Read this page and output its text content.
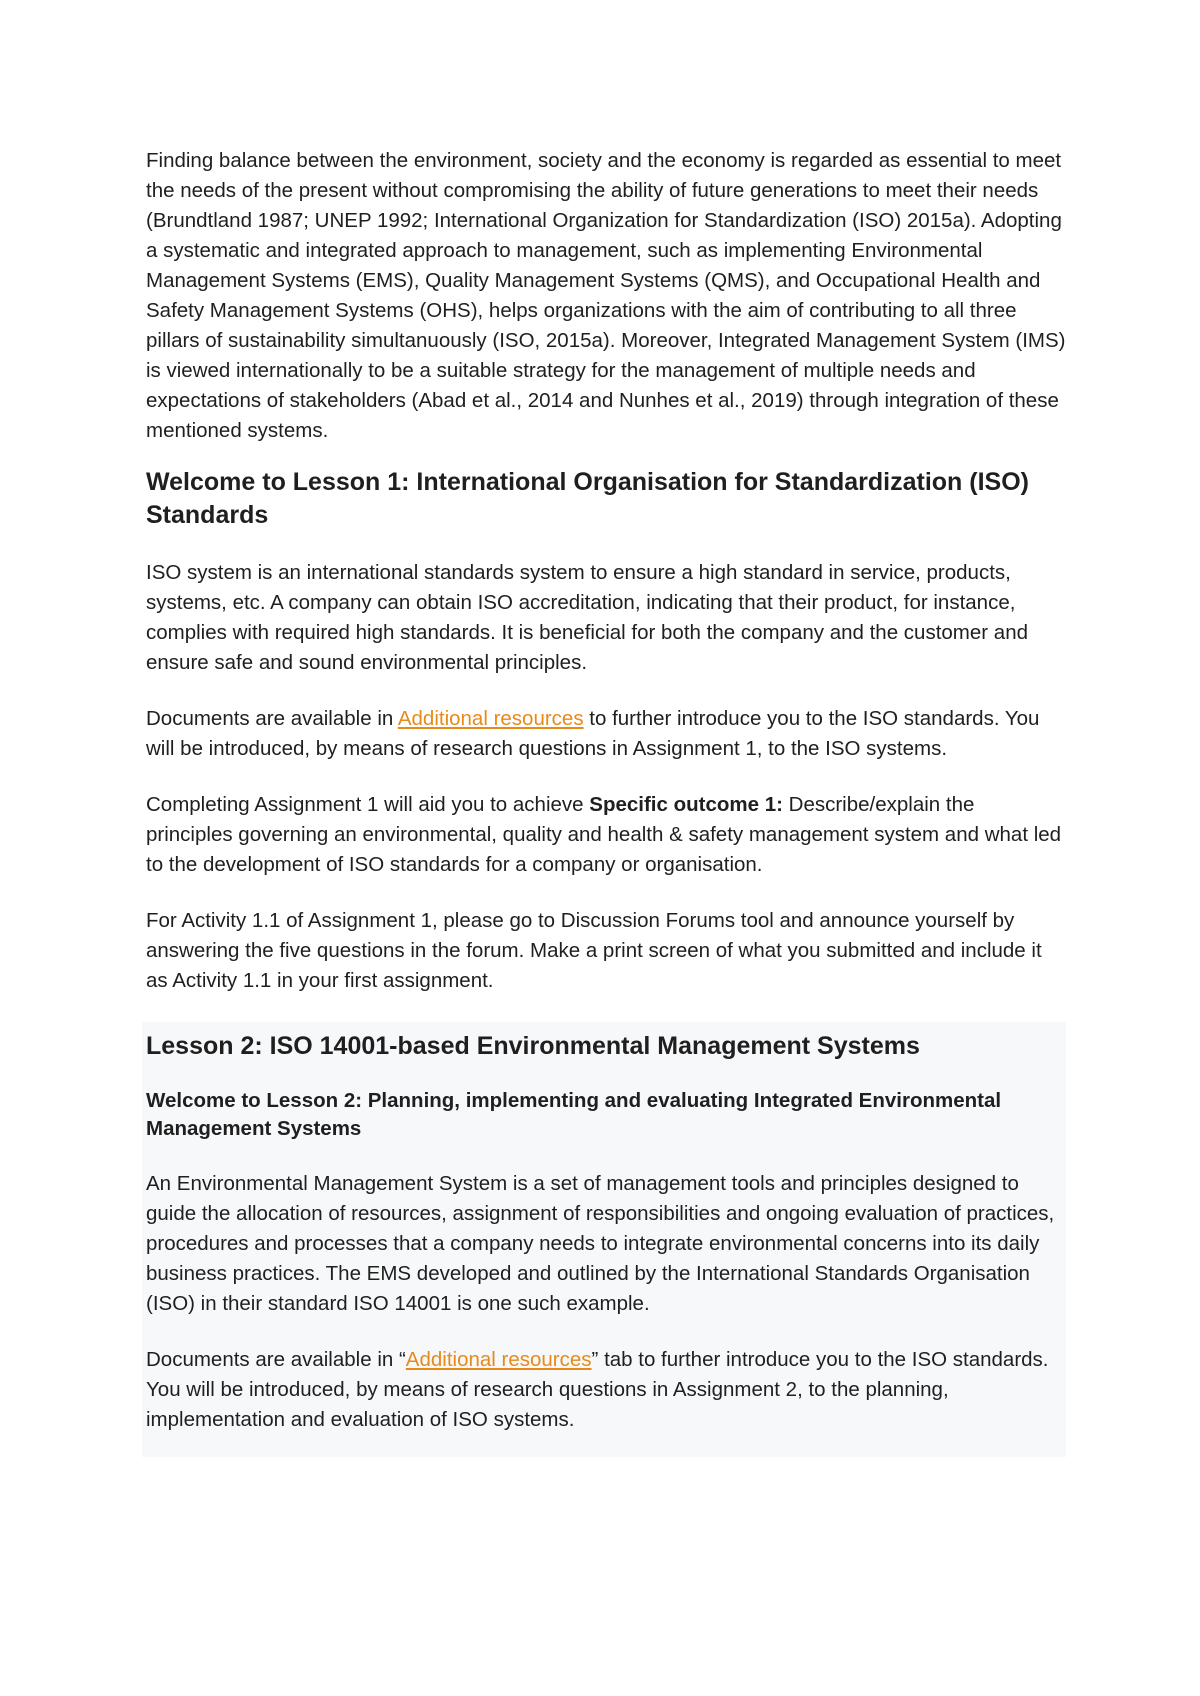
Finding balance between the environment, society and the economy is regarded as essential to meet the needs of the present without compromising the ability of future generations to meet their needs (Brundtland 1987; UNEP 1992; International Organization for Standardization (ISO) 2015a). Adopting a systematic and integrated approach to management, such as implementing Environmental Management Systems (EMS), Quality Management Systems (QMS), and Occupational Health and Safety Management Systems (OHS), helps organizations with the aim of contributing to all three pillars of sustainability simultanuously (ISO, 2015a). Moreover, Integrated Management System (IMS) is viewed internationally to be a suitable strategy for the management of multiple needs and expectations of stakeholders (Abad et al., 2014 and Nunhes et al., 2019) through integration of these mentioned systems.

Welcome to Lesson 1: International Organisation for Standardization (ISO) Standards

ISO system is an international standards system to ensure a high standard in service, products, systems, etc. A company can obtain ISO accreditation, indicating that their product, for instance, complies with required high standards. It is beneficial for both the company and the customer and ensure safe and sound environmental principles.

Documents are available in Additional resources to further introduce you to the ISO standards. You will be introduced, by means of research questions in Assignment 1, to the ISO systems.

Completing Assignment 1 will aid you to achieve Specific outcome 1: Describe/explain the principles governing an environmental, quality and health & safety management system and what led to the development of ISO standards for a company or organisation.

For Activity 1.1 of Assignment 1, please go to Discussion Forums tool and announce yourself by answering the five questions in the forum. Make a print screen of what you submitted and include it as Activity 1.1 in your first assignment.

Lesson 2: ISO 14001-based Environmental Management Systems
Welcome to Lesson 2: Planning, implementing and evaluating Integrated Environmental Management Systems

An Environmental Management System is a set of management tools and principles designed to guide the allocation of resources, assignment of responsibilities and ongoing evaluation of practices, procedures and processes that a company needs to integrate environmental concerns into its daily business practices. The EMS developed and outlined by the International Standards Organisation (ISO) in their standard ISO 14001 is one such example.

Documents are available in “Additional resources” tab to further introduce you to the ISO standards. You will be introduced, by means of research questions in Assignment 2, to the planning, implementation and evaluation of ISO systems.
